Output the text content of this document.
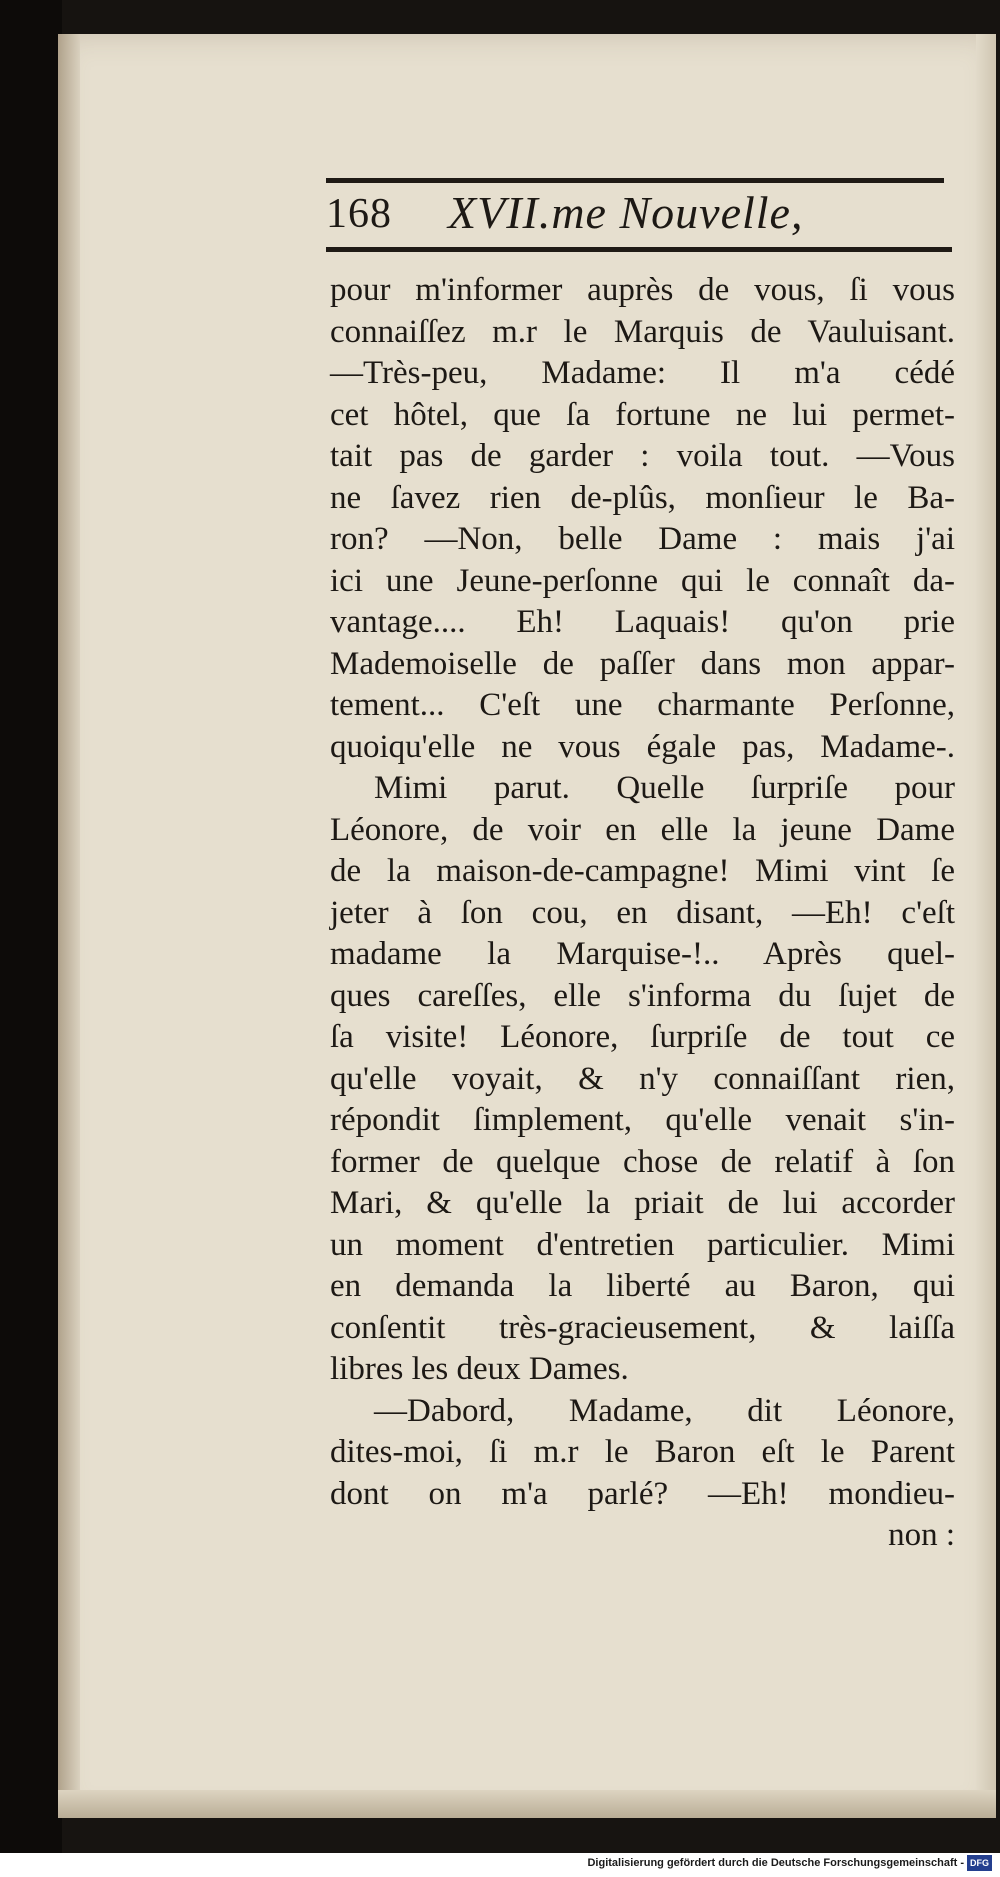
168 XVII.me Nouvelle,
pour m'informer auprès de vous, ſi vous
connaiſſez m.r le Marquis de Vauluisant.
—Très-peu, Madame: Il m'a cédé
cet hôtel, que ſa fortune ne lui permet-
tait pas de garder : voila tout. —Vous
ne ſavez rien de-plûs, monſieur le Ba-
ron? —Non, belle Dame : mais j'ai
ici une Jeune-perſonne qui le connaît da-
vantage.... Eh! Laquais! qu'on prie
Mademoiselle de paſſer dans mon appar-
tement... C'eſt une charmante Perſonne,
quoiqu'elle ne vous égale pas, Madame-.
Mimi parut. Quelle ſurpriſe pour
Léonore, de voir en elle la jeune Dame
de la maison-de-campagne! Mimi vint ſe
jeter à ſon cou, en disant, —Eh! c'eſt
madame la Marquise-!.. Après quel-
ques careſſes, elle s'informa du ſujet de
ſa visite! Léonore, ſurpriſe de tout ce
qu'elle voyait, & n'y connaiſſant rien,
répondit ſimplement, qu'elle venait s'in-
former de quelque chose de relatif à ſon
Mari, & qu'elle la priait de lui accorder
un moment d'entretien particulier. Mimi
en demanda la liberté au Baron, qui
conſentit très-gracieusement, & laiſſa
libres les deux Dames.
—Dabord, Madame, dit Léonore,
dites-moi, ſi m.r le Baron eſt le Parent
dont on m'a parlé? —Eh! mondieu-
non :
Digitalisierung gefördert durch die Deutsche Forschungsgemeinschaft - DFG
